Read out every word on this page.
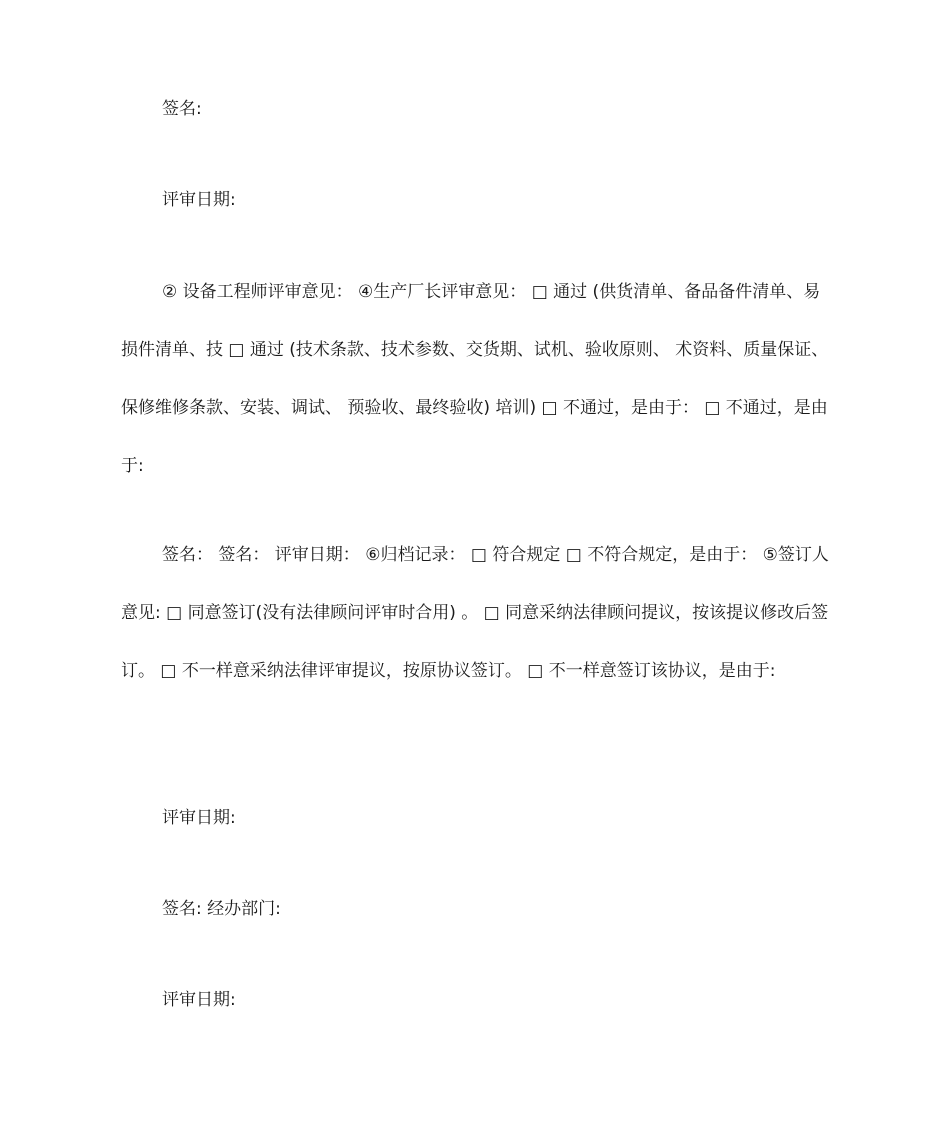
签名:

评审日期:

② 设备工程师评审意见： ④生产厂长评审意见： □ 通过 (供货清单、备品备件清单、易损件清单、技 □ 通过 (技术条款、技术参数、交货期、试机、验收原则、 术资料、质量保证、保修维修条款、安装、调试、 预验收、最终验收) 培训) □ 不通过，是由于： □ 不通过，是由于:

签名： 签名： 评审日期： ⑥归档记录： □ 符合规定 □ 不符合规定，是由于： ⑤签订人意见: □ 同意签订(没有法律顾问评审时合用) 。 □ 同意采纳法律顾问提议，按该提议修改后签订。 □ 不一样意采纳法律评审提议，按原协议签订。 □ 不一样意签订该协议，是由于:

评审日期:

签名: 经办部门:

评审日期:
